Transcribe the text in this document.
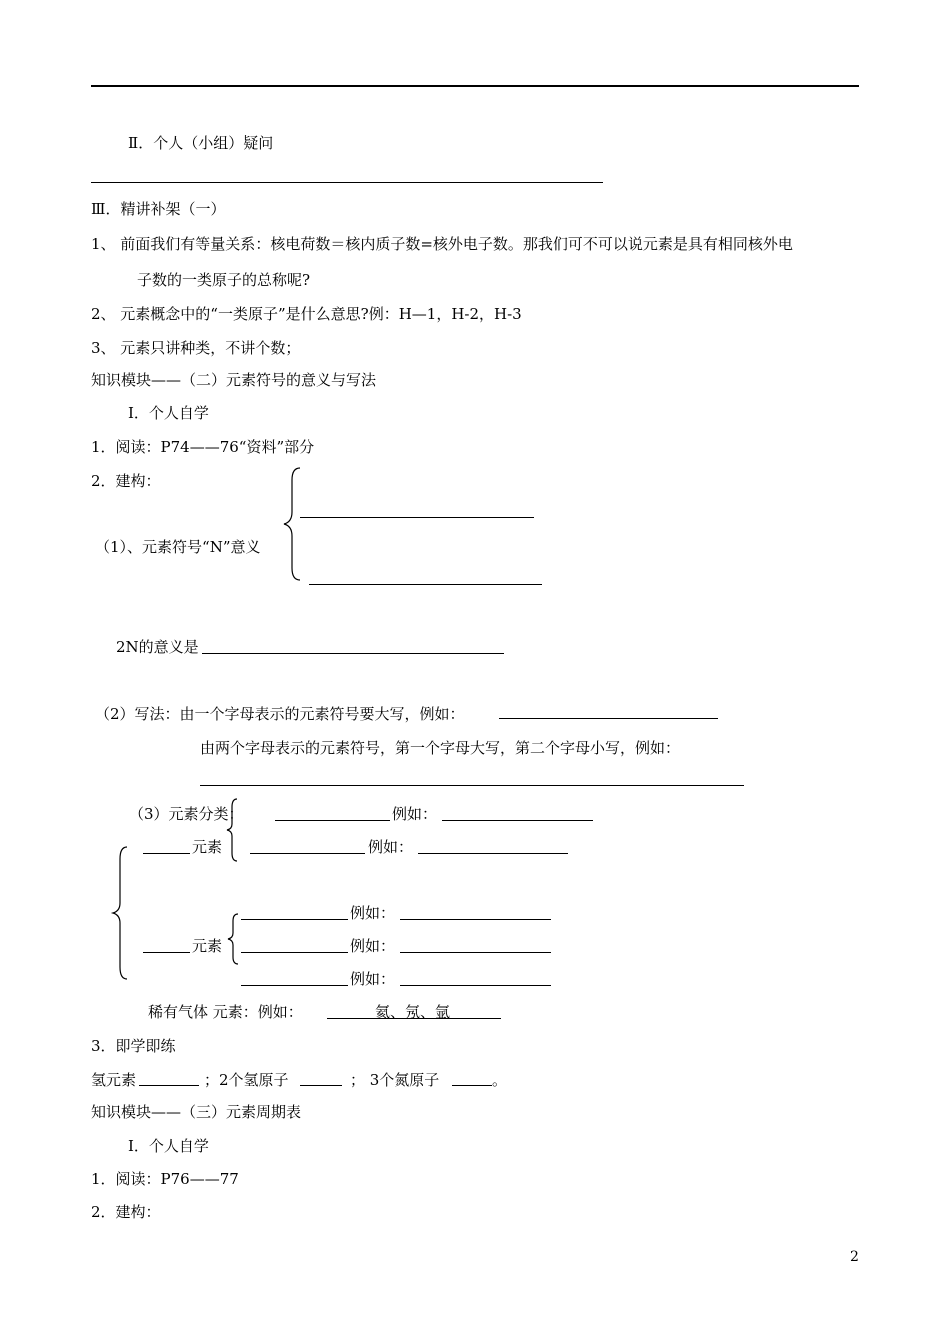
Ⅱ．个人（小组）疑问
Ⅲ．精讲补架（一）
1、 前面我们有等量关系：核电荷数＝核内质子数=核外电子数。那我们可不可以说元素是具有相同核外电
子数的一类原子的总称呢?
2、 元素概念中的“一类原子”是什么意思?例：H—1，H-2，H-3
3、 元素只讲种类，不讲个数；
知识模块——（二）元素符号的意义与写法
Ⅰ．个人自学
1．阅读：P74——76“资料”部分
2．建构：
（1）、元素符号“N”意义
2N的意义是
（2）写法：由一个字母表示的元素符号要大写，例如：
由两个字母表示的元素符号，第一个字母大写，第二个字母小写，例如：
（3）元素分类：	例如：
元素	例如：
例如：
元素	例如：
例如：
稀有气体 元素：例如：	氦、氖、氩
3．即学即练
氢元素	；2个氢原子	； 3个氮原子	。
知识模块——（三）元素周期表
Ⅰ．个人自学
1．阅读：P76——77
2．建构：
2
